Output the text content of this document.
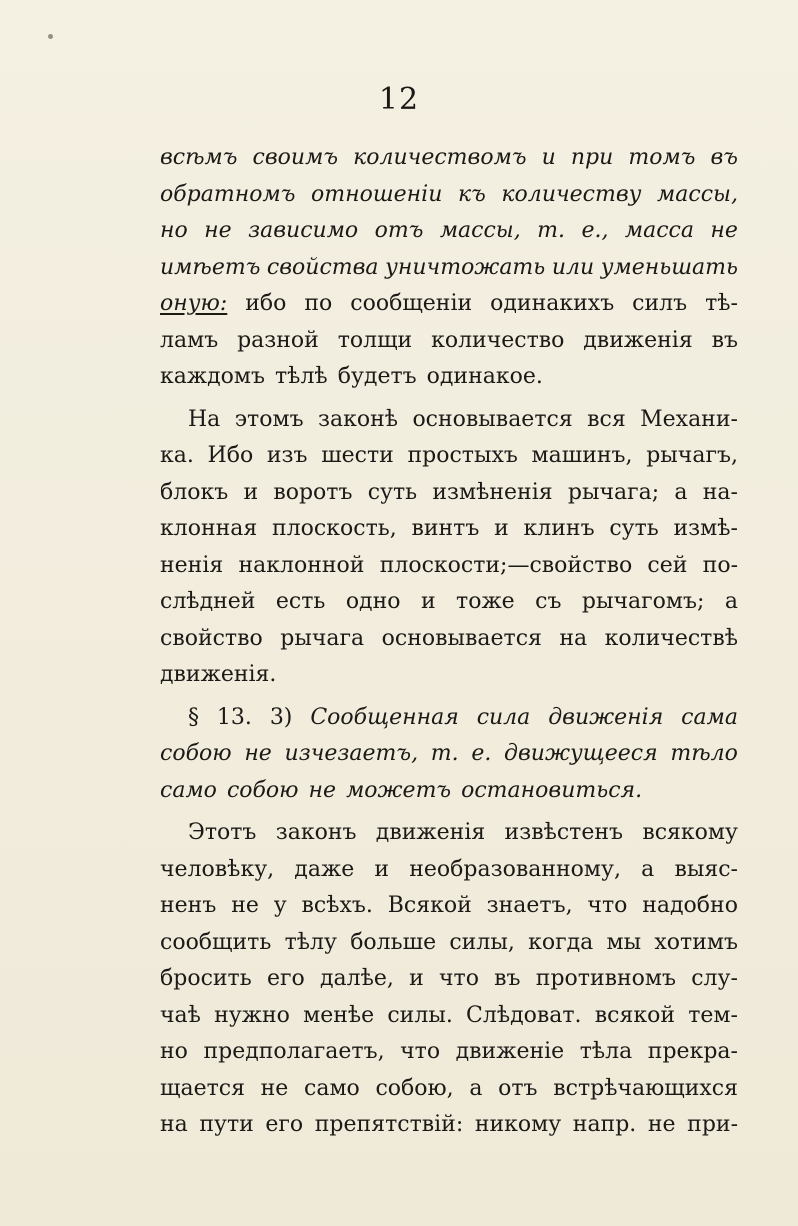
12
всѣмъ своимъ количествомъ и при томъ въ
обратномъ отношеніи къ количеству массы,
но не зависимо отъ массы, т. е., масса не
имѣетъ свойства уничтожать или уменьшать
оную: ибо по сообщеніи одинакихъ силъ тѣ-
ламъ разной толщи количество движенія въ
каждомъ тѣлѣ будетъ одинакое.
На этомъ законѣ основывается вся Механи-
ка. Ибо изъ шести простыхъ машинъ, рычагъ,
блокъ и воротъ суть измѣненія рычага; а на-
клонная плоскость, винтъ и клинъ суть измѣ-
ненія наклонной плоскости;—свойство сей по-
слѣдней есть одно и тоже съ рычагомъ; а
свойство рычага основывается на количествѣ
движенія.
§ 13. 3) Сообщенная сила движенія сама
собою не изчезаетъ, т. е. движущееся тѣло
само собою не можетъ остановиться.
Этотъ законъ движенія извѣстенъ всякому
человѣку, даже и необразованному, а выяс-
ненъ не у всѣхъ. Всякой знаетъ, что надобно
сообщить тѣлу больше силы, когда мы хотимъ
бросить его далѣе, и что въ противномъ слу-
чаѣ нужно менѣе силы. Слѣдоват. всякой тем-
но предполагаетъ, что движеніе тѣла прекра-
щается не само собою, а отъ встрѣчающихся
на пути его препятствій: никому напр. не при-
